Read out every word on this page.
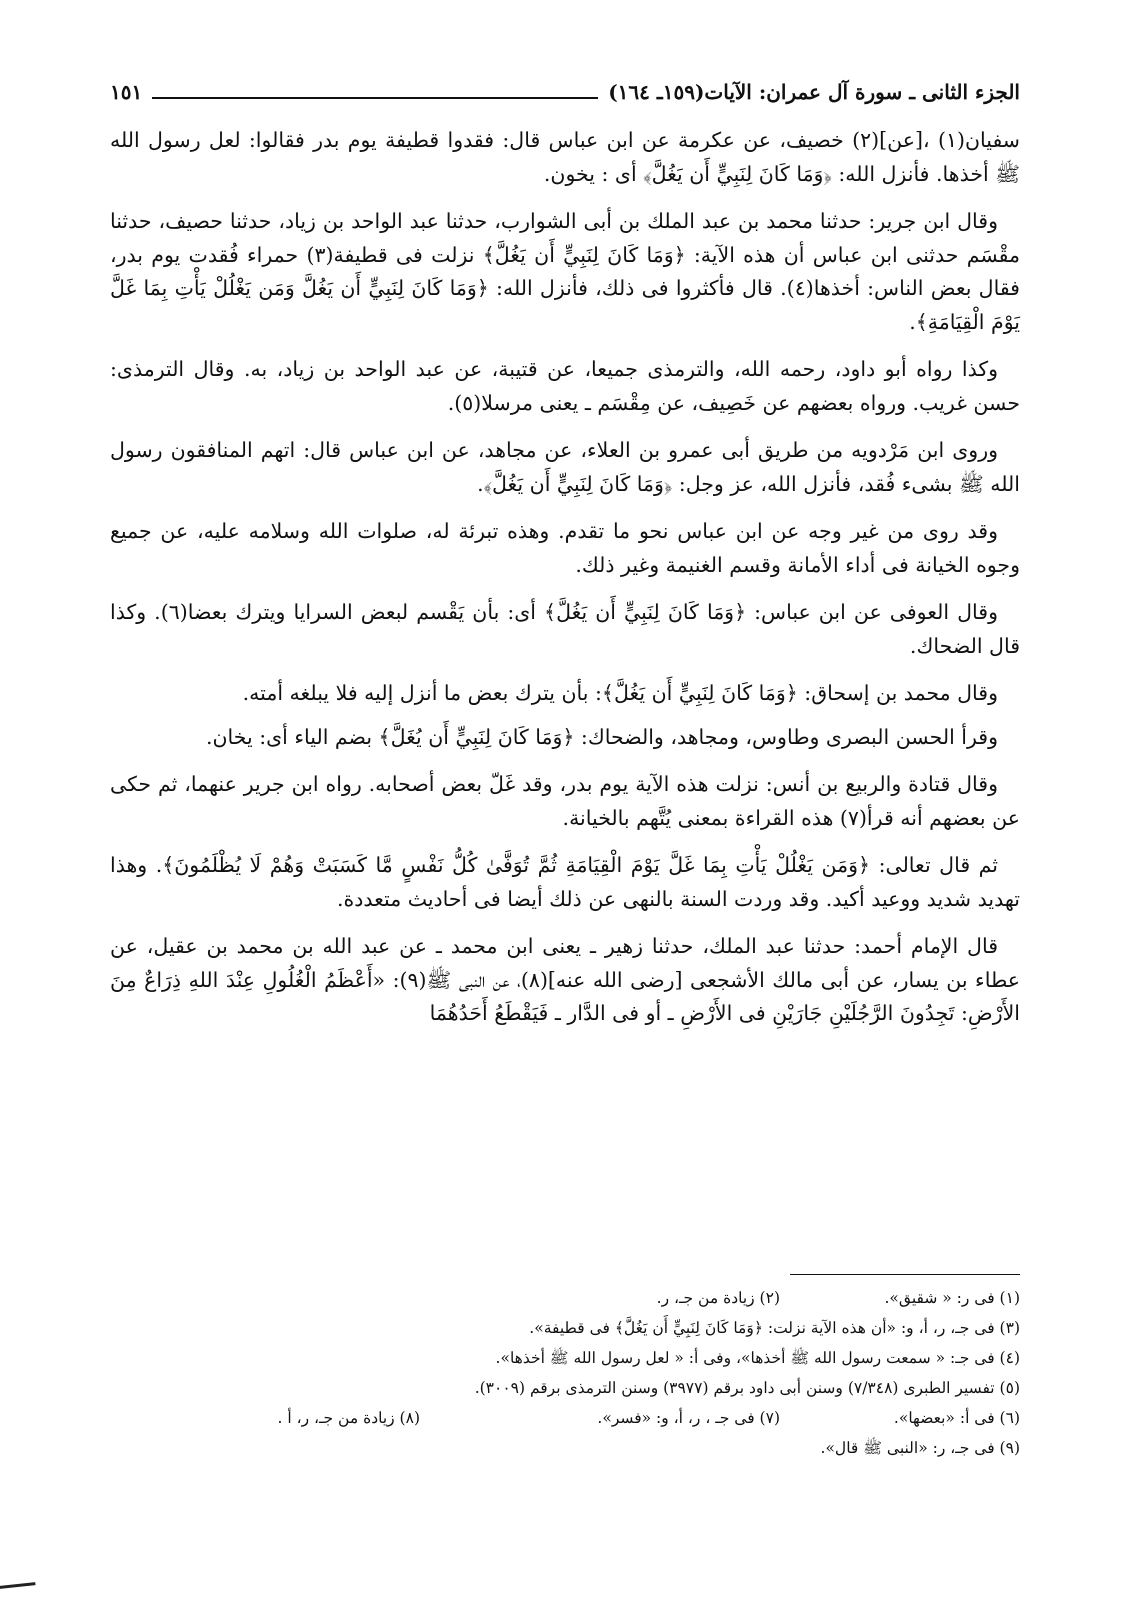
الجزء الثانى ـ سورة آل عمران: الآيات(١٥٩ـ ١٦٤)
١٥١

سفيان(١) ،[عن](٢) خصيف، عن عكرمة عن ابن عباس قال: فقدوا قطيفة يوم بدر فقالوا: لعل رسول الله ﷺ أخذها. فأنزل الله: ﴿وَمَا كَانَ لِنَبِيٍّ أَن يَغُلَّ﴾ أى : يخون.

وقال ابن جرير: حدثنا محمد بن عبد الملك بن أبى الشوارب، حدثنا عبد الواحد بن زياد، حدثنا حصيف، حدثنا مقْسَم حدثنى ابن عباس أن هذه الآية: ﴿وَمَا كَانَ لِنَبِيٍّ أَن يَغُلَّ﴾ نزلت فى قطيفة(٣) حمراء فُقدت يوم بدر، فقال بعض الناس: أخذها(٤). قال فأكثروا فى ذلك، فأنزل الله: ﴿وَمَا كَانَ لِنَبِيٍّ أَن يَغُلَّ وَمَن يَغْلُلْ يَأْتِ بِمَا غَلَّ يَوْمَ الْقِيَامَةِ﴾.

وكذا رواه أبو داود، رحمه الله، والترمذى جميعا، عن قتيبة، عن عبد الواحد بن زياد، به. وقال الترمذى: حسن غريب. ورواه بعضهم عن خَصِيف، عن مِقْسَم ـ يعنى مرسلا(٥).

وروى ابن مَرْدويه من طريق أبى عمرو بن العلاء، عن مجاهد، عن ابن عباس قال: اتهم المنافقون رسول الله ﷺ بشىء فُقد، فأنزل الله، عز وجل: ﴿وَمَا كَانَ لِنَبِيٍّ أَن يَغُلَّ﴾.

وقد روى من غير وجه عن ابن عباس نحو ما تقدم. وهذه تبرئة له، صلوات الله وسلامه عليه، عن جميع وجوه الخيانة فى أداء الأمانة وقسم الغنيمة وغير ذلك.

وقال العوفى عن ابن عباس: ﴿وَمَا كَانَ لِنَبِيٍّ أَن يَغُلَّ﴾ أى: بأن يَقْسم لبعض السرايا ويترك بعضا(٦). وكذا قال الضحاك.

وقال محمد بن إسحاق: ﴿وَمَا كَانَ لِنَبِيٍّ أَن يَغُلَّ﴾: بأن يترك بعض ما أنزل إليه فلا يبلغه أمته.

وقرأ الحسن البصرى وطاوس، ومجاهد، والضحاك: ﴿وَمَا كَانَ لِنَبِيٍّ أَن يُغَلَّ﴾ بضم الياء أى: يخان.

وقال قتادة والربيع بن أنس: نزلت هذه الآية يوم بدر، وقد غَلّ بعض أصحابه. رواه ابن جرير عنهما، ثم حكى عن بعضهم أنه قرأ(٧) هذه القراءة بمعنى يُتَّهم بالخيانة.

ثم قال تعالى: ﴿وَمَن يَغْلُلْ يَأْتِ بِمَا غَلَّ يَوْمَ الْقِيَامَةِ ثُمَّ تُوَفَّىٰ كُلُّ نَفْسٍ مَّا كَسَبَتْ وَهُمْ لَا يُظْلَمُونَ﴾. وهذا تهديد شديد ووعيد أكيد. وقد وردت السنة بالنهى عن ذلك أيضا فى أحاديث متعددة.

قال الإمام أحمد: حدثنا عبد الملك، حدثنا زهير ـ يعنى ابن محمد ـ عن عبد الله بن محمد بن عقيل، عن عطاء بن يسار، عن أبى مالك الأشجعى [رضى الله عنه](٨)، عن النبى ﷺ(٩): «أَعْظَمُ الْغُلُولِ عِنْدَ اللهِ ذِرَاعٌ مِنَ الأَرْضِ: تَجِدُونَ الرَّجُلَيْنِ جَارَيْنِ فى الأَرْضِ ـ أو فى الدَّار ـ فَيَقْطَعُ أَحَدُهُمَا

(١) فى ر: « شقيق».
(٢) زيادة من جـ، ر.
(٣) فى جـ، ر، أ، و: «أن هذه الآية نزلت: ﴿وَمَا كَانَ لِنَبِيٍّ أَن يَغُلَّ﴾ فى قطيفة».
(٤) فى جـ: « سمعت رسول الله ﷺ أخذها»، وفى أ: « لعل رسول الله ﷺ أخذها».
(٥) تفسير الطبرى (٧/٣٤٨) وسنن أبى داود برقم (٣٩٧٧) وسنن الترمذى برقم (٣٠٠٩).
(٦) فى أ: «بعضها».
(٧) فى جـ ، ر، أ، و: «فسر».
(٨) زيادة من جـ، ر، أ .
(٩) فى جـ، ر: «النبى ﷺ قال».
